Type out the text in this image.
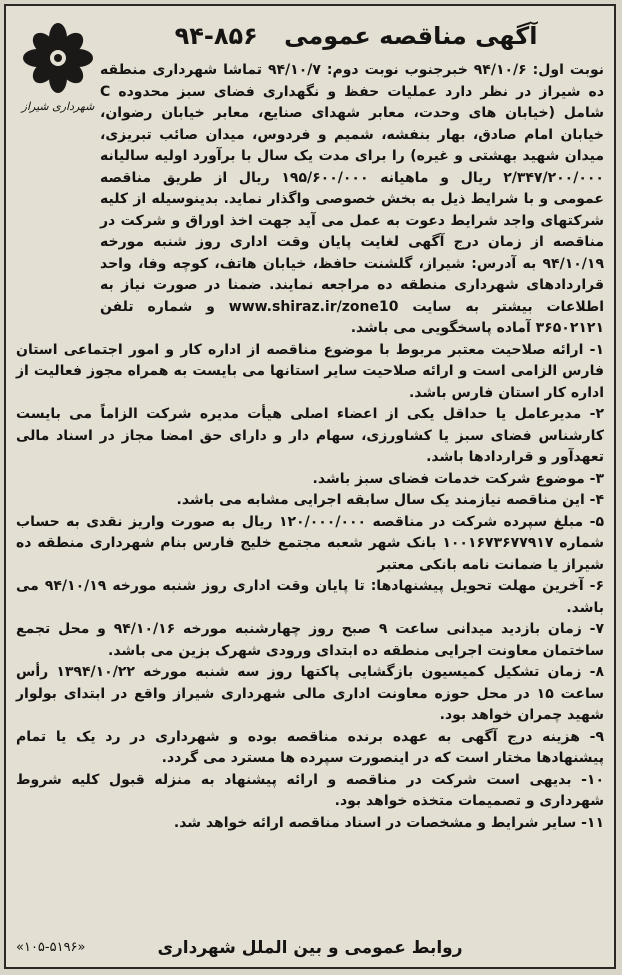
شهرداری شیراز
آگهی مناقصه عمومی ۸۵۶-۹۴

نوبت اول: ۹۴/۱۰/۶ خبرجنوب نوبت دوم: ۹۴/۱۰/۷ تماشا شهرداری منطقه ده شیراز در نظر دارد عملیات حفظ و نگهداری فضای سبز محدوده C شامل (خیابان های وحدت، معابر شهدای صنایع، معابر خیابان رضوان، خیابان امام صادق، بهار بنفشه، شمیم و فردوس، میدان صائب تبریزی، میدان شهید بهشتی و غیره) را برای مدت یک سال با برآورد اولیه سالیانه ۲/۳۴۷/۲۰۰/۰۰۰ ریال و ماهیانه ۱۹۵/۶۰۰/۰۰۰ ریال از طریق مناقصه عمومی و با شرایط ذیل به بخش خصوصی واگذار نماید. بدینوسیله از کلیه شرکتهای واجد شرایط دعوت به عمل می آید جهت اخذ اوراق و شرکت در مناقصه از زمان درج آگهی لغایت پایان وقت اداری روز شنبه مورخه ۹۴/۱۰/۱۹ به آدرس: شیراز، گلشنت حافظ، خیابان هاتف، کوچه وفا، واحد قراردادهای شهرداری منطقه ده مراجعه نمایند. ضمنا در صورت نیاز به اطلاعات بیشتر به سایت www.shiraz.ir/zone10 و شماره تلفن ۳۶۵۰۲۱۲۱ آماده پاسخگویی می باشد.

۱- ارائه صلاحیت معتبر مربوط با موضوع مناقصه از اداره کار و امور اجتماعی استان فارس الزامی است و ارائه صلاحیت سایر استانها می بایست به همراه مجوز فعالیت از اداره کار استان فارس باشد.

۲- مدیرعامل یا حداقل یکی از اعضاء اصلی هیأت مدیره شرکت الزاماً می بایست کارشناس فضای سبز یا کشاورزی، سهام دار و دارای حق امضا مجاز در اسناد مالی تعهدآور و قراردادها باشد.

۳- موضوع شرکت خدمات فضای سبز باشد.

۴- این مناقصه نیازمند یک سال سابقه اجرایی مشابه می باشد.

۵- مبلغ سپرده شرکت در مناقصه ۱۲۰/۰۰۰/۰۰۰ ریال به صورت واریز نقدی به حساب شماره ۱۰۰۱۶۷۳۶۷۷۹۱۷ بانک شهر شعبه مجتمع خلیج فارس بنام شهرداری منطقه ده شیراز یا ضمانت نامه بانکی معتبر

۶- آخرین مهلت تحویل پیشنهادها: تا پایان وقت اداری روز شنبه مورخه ۹۴/۱۰/۱۹ می باشد.

۷- زمان بازدید میدانی ساعت ۹ صبح روز چهارشنبه مورخه ۹۴/۱۰/۱۶ و محل تجمع ساختمان معاونت اجرایی منطقه ده ابتدای ورودی شهرک بزین می باشد.

۸- زمان تشکیل کمیسیون بازگشایی پاکتها روز سه شنبه مورخه ۱۳۹۴/۱۰/۲۲ رأس ساعت ۱۵ در محل حوزه معاونت اداری مالی شهرداری شیراز واقع در ابتدای بولوار شهید چمران خواهد بود.

۹- هزینه درج آگهی به عهده برنده مناقصه بوده و شهرداری در رد یک یا تمام پیشنهادها مختار است که در اینصورت سپرده ها مسترد می گردد.

۱۰- بدیهی است شرکت در مناقصه و ارائه پیشنهاد به منزله قبول کلیه شروط شهرداری و تصمیمات متخذه خواهد بود.

۱۱- سایر شرایط و مشخصات در اسناد مناقصه ارائه خواهد شد.

روابط عمومی و بین الملل شهرداری
«۱۰۵-۵۱۹۶»
